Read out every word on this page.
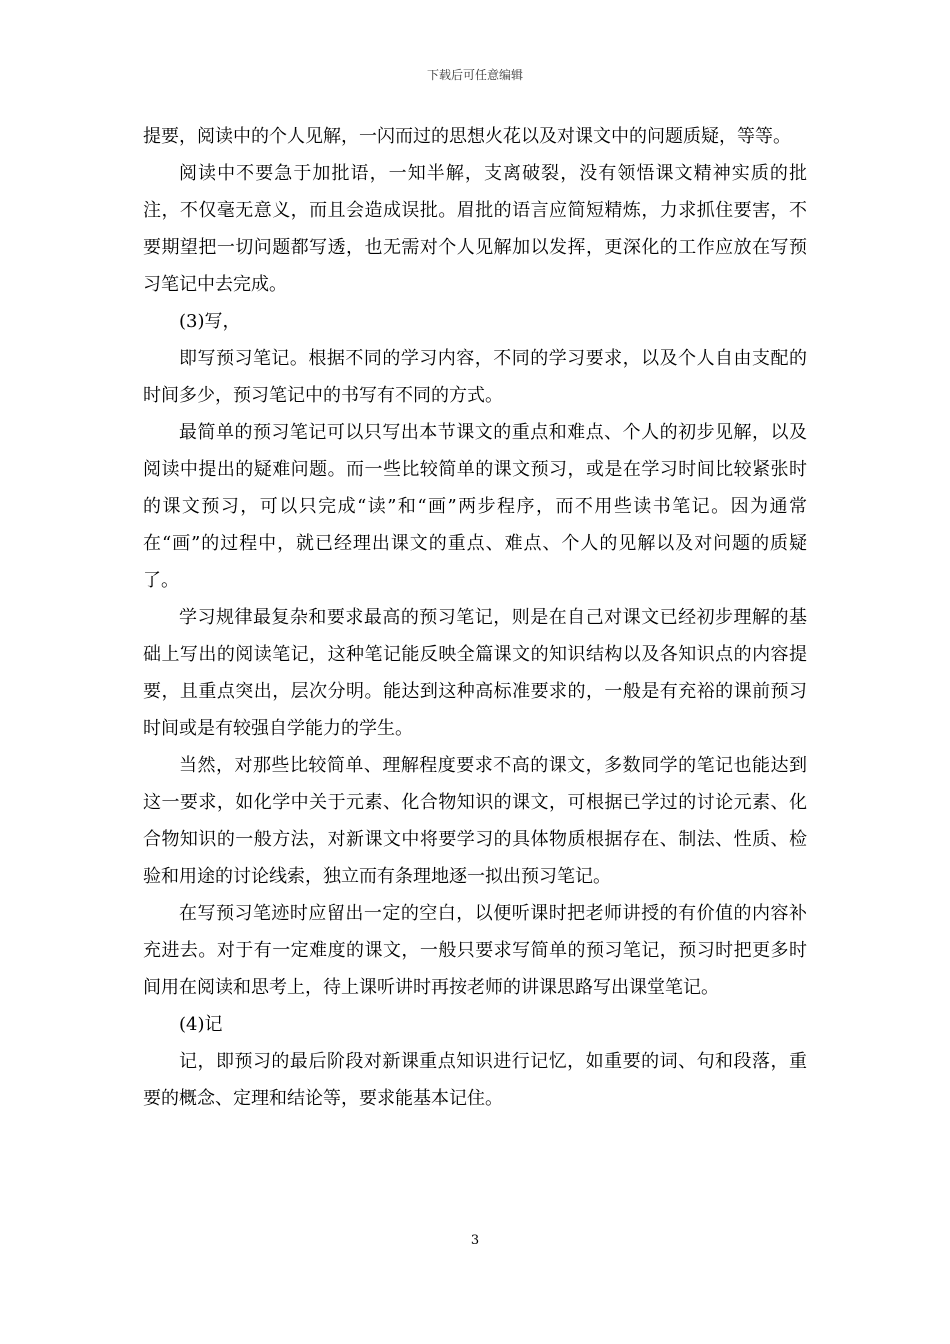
下载后可任意编辑

提要，阅读中的个人见解，一闪而过的思想火花以及对课文中的问题质疑，等等。

阅读中不要急于加批语，一知半解，支离破裂，没有领悟课文精神实质的批注，不仅毫无意义，而且会造成误批。眉批的语言应简短精炼，力求抓住要害，不要期望把一切问题都写透，也无需对个人见解加以发挥，更深化的工作应放在写预习笔记中去完成。

(3)写，

即写预习笔记。根据不同的学习内容，不同的学习要求，以及个人自由支配的时间多少，预习笔记中的书写有不同的方式。

最简单的预习笔记可以只写出本节课文的重点和难点、个人的初步见解，以及阅读中提出的疑难问题。而一些比较简单的课文预习，或是在学习时间比较紧张时的课文预习，可以只完成“读”和“画”两步程序，而不用些读书笔记。因为通常在“画”的过程中，就已经理出课文的重点、难点、个人的见解以及对问题的质疑了。

学习规律最复杂和要求最高的预习笔记，则是在自己对课文已经初步理解的基础上写出的阅读笔记，这种笔记能反映全篇课文的知识结构以及各知识点的内容提要，且重点突出，层次分明。能达到这种高标准要求的，一般是有充裕的课前预习时间或是有较强自学能力的学生。

当然，对那些比较简单、理解程度要求不高的课文，多数同学的笔记也能达到这一要求，如化学中关于元素、化合物知识的课文，可根据已学过的讨论元素、化合物知识的一般方法，对新课文中将要学习的具体物质根据存在、制法、性质、检验和用途的讨论线索，独立而有条理地逐一拟出预习笔记。

在写预习笔迹时应留出一定的空白，以便听课时把老师讲授的有价值的内容补充进去。对于有一定难度的课文，一般只要求写简单的预习笔记，预习时把更多时间用在阅读和思考上，待上课听讲时再按老师的讲课思路写出课堂笔记。

(4)记

记，即预习的最后阶段对新课重点知识进行记忆，如重要的词、句和段落，重要的概念、定理和结论等，要求能基本记住。

3
